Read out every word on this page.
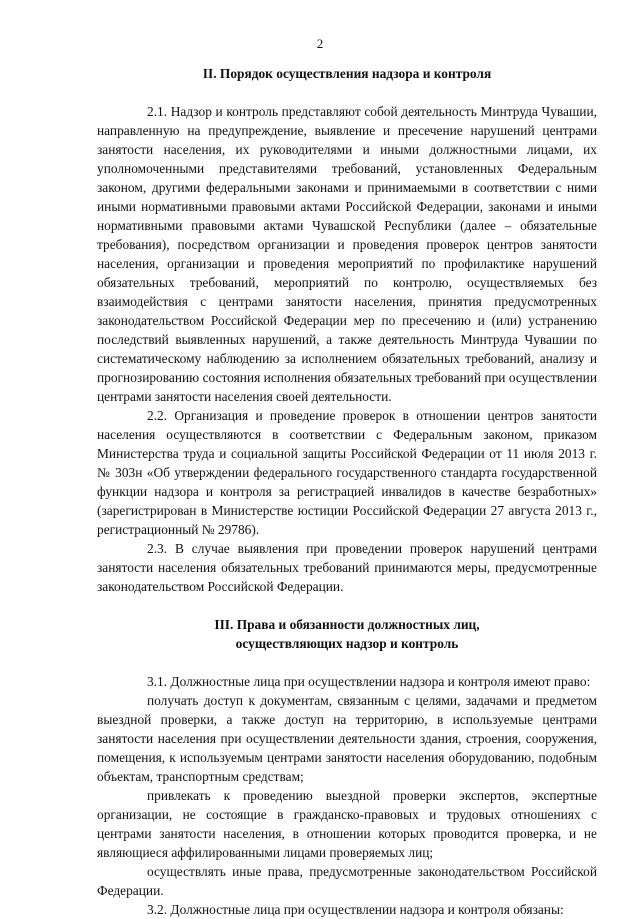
2

II. Порядок осуществления надзора и контроля

2.1. Надзор и контроль представляют собой деятельность Минтруда Чувашии, направленную на предупреждение, выявление и пресечение нарушений центрами занятости населения, их руководителями и иными должностными лицами, их уполномоченными представителями требований, установленных Федеральным законом, другими федеральными законами и принимаемыми в соответствии с ними иными нормативными правовыми актами Российской Федерации, законами и иными нормативными правовыми актами Чувашской Республики (далее – обязательные требования), посредством организации и проведения проверок центров занятости населения, организации и проведения мероприятий по профилактике нарушений обязательных требований, мероприятий по контролю, осуществляемых без взаимодействия с центрами занятости населения, принятия предусмотренных законодательством Российской Федерации мер по пресечению и (или) устранению последствий выявленных нарушений, а также деятельность Минтруда Чувашии по систематическому наблюдению за исполнением обязательных требований, анализу и прогнозированию состояния исполнения обязательных требований при осуществлении центрами занятости населения своей деятельности.

2.2. Организация и проведение проверок в отношении центров занятости населения осуществляются в соответствии с Федеральным законом, приказом Министерства труда и социальной защиты Российской Федерации от 11 июля 2013 г. № 303н «Об утверждении федерального государственного стандарта государственной функции надзора и контроля за регистрацией инвалидов в качестве безработных» (зарегистрирован в Министерстве юстиции Российской Федерации 27 августа 2013 г., регистрационный № 29786).

2.3. В случае выявления при проведении проверок нарушений центрами занятости населения обязательных требований принимаются меры, предусмотренные законодательством Российской Федерации.

III. Права и обязанности должностных лиц,
осуществляющих надзор и контроль

3.1. Должностные лица при осуществлении надзора и контроля имеют право:

получать доступ к документам, связанным с целями, задачами и предметом выездной проверки, а также доступ на территорию, в используемые центрами занятости населения при осуществлении деятельности здания, строения, сооружения, помещения, к используемым центрами занятости населения оборудованию, подобным объектам, транспортным средствам;

привлекать к проведению выездной проверки экспертов, экспертные организации, не состоящие в гражданско-правовых и трудовых отношениях с центрами занятости населения, в отношении которых проводится проверка, и не являющиеся аффилированными лицами проверяемых лиц;

осуществлять иные права, предусмотренные законодательством Российской Федерации.

3.2. Должностные лица при осуществлении надзора и контроля обязаны:
